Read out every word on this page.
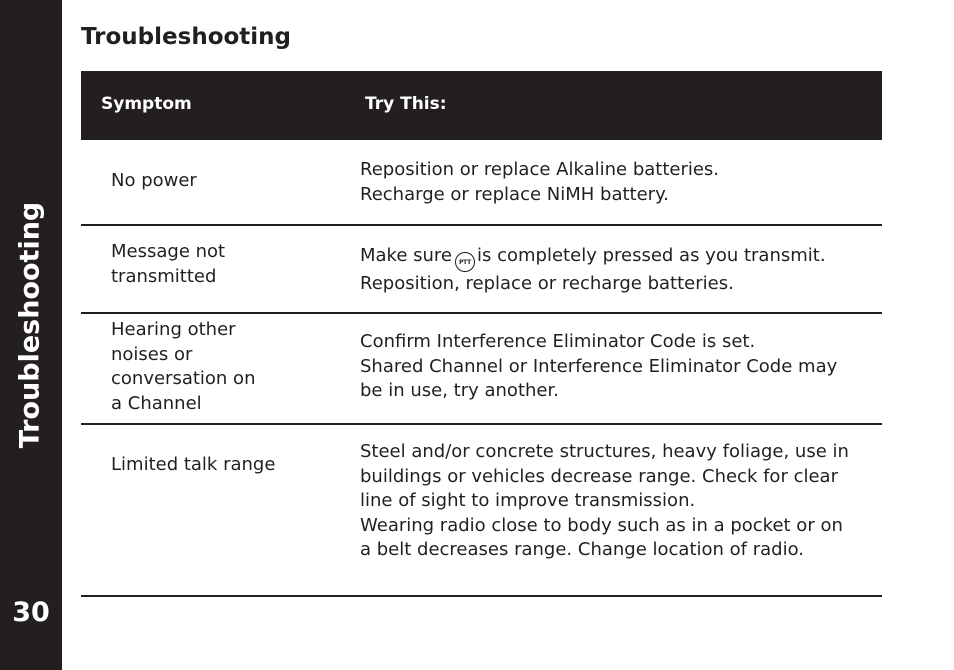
Troubleshooting
30
Troubleshooting
Symptom	Try This:
No power
Reposition or replace Alkaline batteries.
Recharge or replace NiMH battery.
Message not
transmitted
Make sure PTT is completely pressed as you transmit.
Reposition, replace or recharge batteries.
Hearing other
noises or
conversation on
a Channel
Confirm Interference Eliminator Code is set.
Shared Channel or Interference Eliminator Code may
be in use, try another.
Limited talk range
Steel and/or concrete structures, heavy foliage, use in
buildings or vehicles decrease range. Check for clear
line of sight to improve transmission.
Wearing radio close to body such as in a pocket or on
a belt decreases range. Change location of radio.
